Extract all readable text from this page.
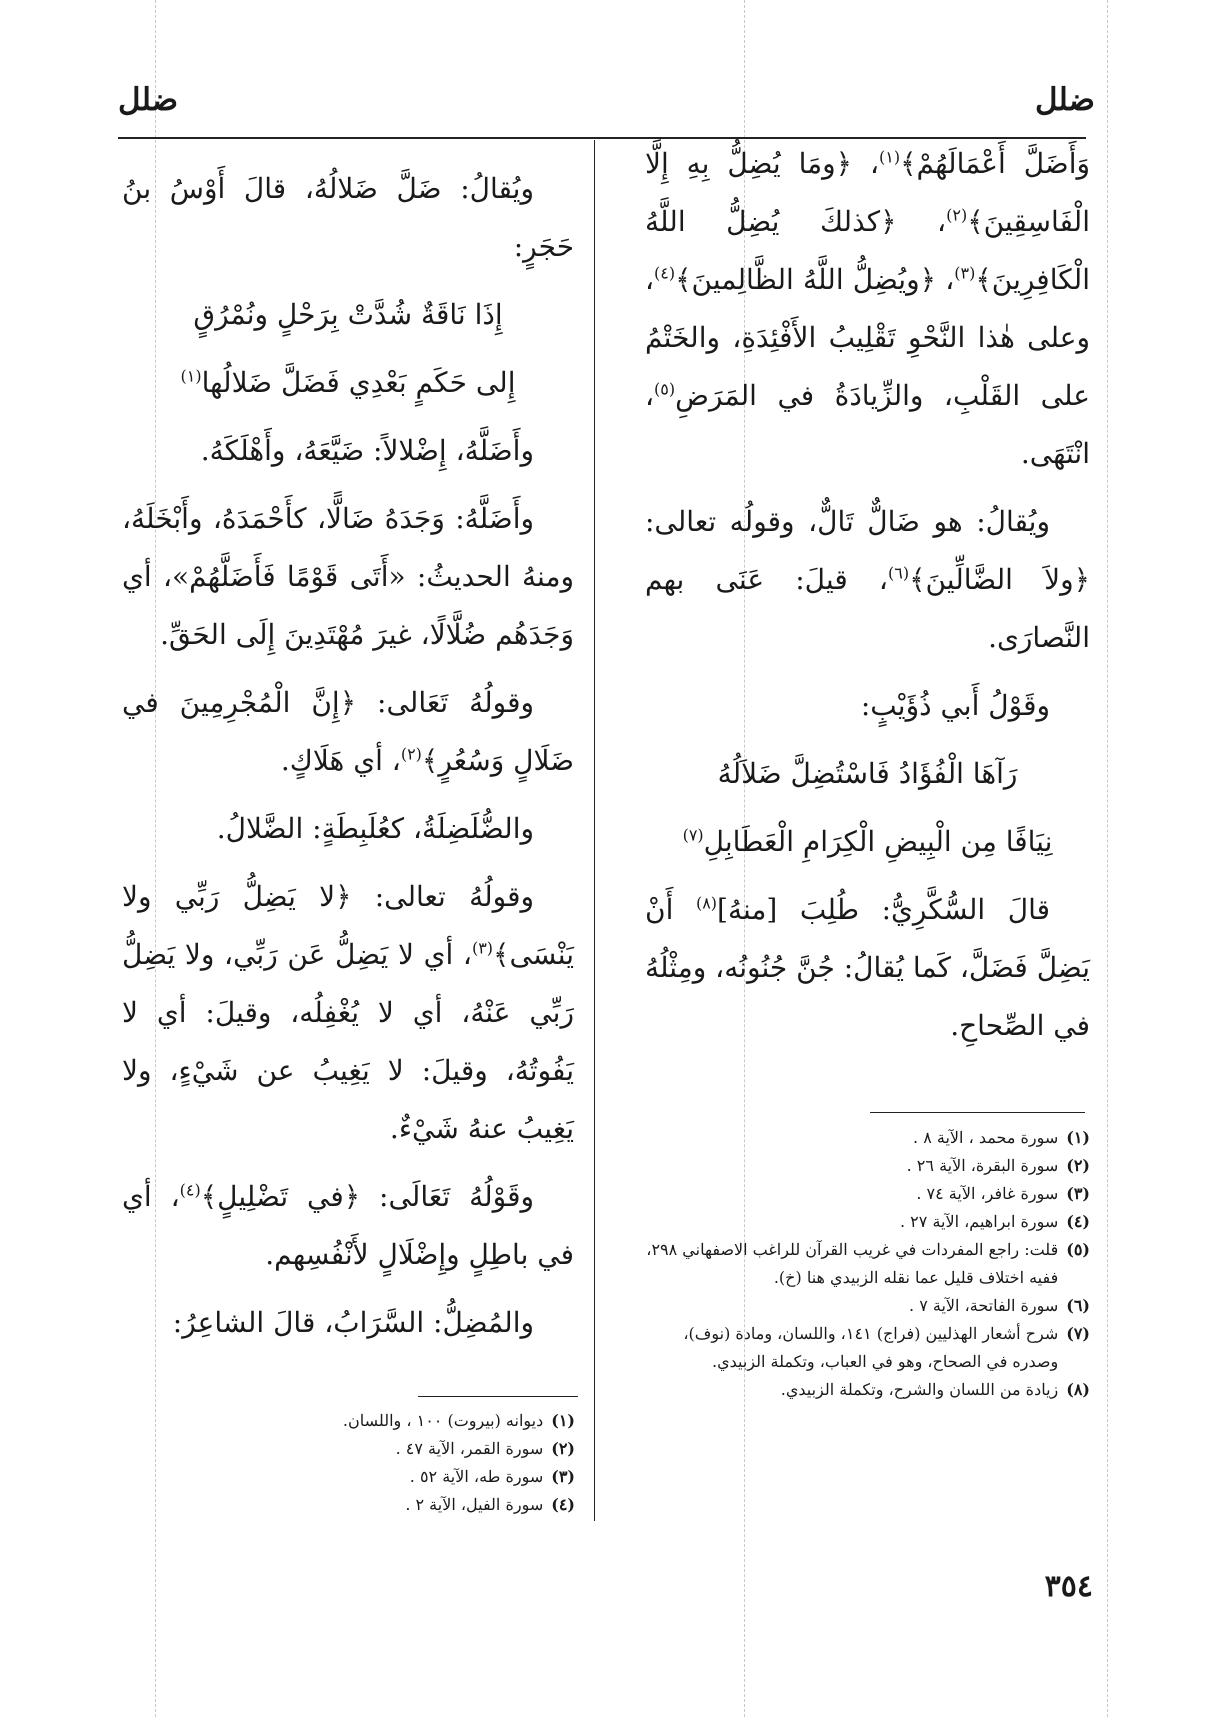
ضلل
ضلل

وَأَضَلَّ أَعْمَالَهُمْ﴾$^{(١)}$، ﴿ومَا يُضِلُّ بِهِ إِلَّا الْفَاسِقِينَ﴾$^{(٢)}$، ﴿كذلكَ يُضِلُّ اللَّهُ الْكَافِرِينَ﴾$^{(٣)}$، ﴿ويُضِلُّ اللَّهُ الظَّالِمينَ﴾$^{(٤)}$، وعلى هٰذا النَّحْوِ تَقْلِيبُ الأَفْئِدَةِ، والخَتْمُ على القَلْبِ، والزِّيادَةُ في المَرَضِ$^{(٥)}$، انْتَهَى.

ويُقالُ: هو ضَالٌّ تَالٌّ، وقولُه تعالى: ﴿ولاَ الضَّالِّينَ﴾$^{(٦)}$، قيلَ: عَنَى بهم النَّصارَى.

وقَوْلُ أَبي ذُؤَيْبٍ:

رَآهَا الْفُؤَادُ فَاسْتُضِلَّ ضَلاَلُهُ

نِيَافًا مِن الْبِيضِ الْكِرَامِ الْعَطَابِلِ$^{(٧)}$

قالَ السُّكَّرِيُّ: طُلِبَ [منهُ]$^{(٨)}$ أَنْ يَضِلَّ فَضَلَّ، كَما يُقالُ: جُنَّ جُنُونُه، ومِثْلُهُ في الصِّحاحِ.

(١)
سورة محمد ، الآية ٨ .
(٢)
سورة البقرة، الآية ٢٦ .
(٣)
سورة غافر، الآية ٧٤ .
(٤)
سورة ابراهيم، الآية ٢٧ .
(٥)
قلت: راجع المفردات في غريب القرآن للراغب الاصفهاني ٢٩٨، ففيه اختلاف قليل عما نقله الزبيدي هنا (خ).
(٦)
سورة الفاتحة، الآية ٧ .
(٧)
شرح أشعار الهذليين (فراج) ١٤١، واللسان، ومادة (نوف)، وصدره في الصحاح، وهو في العباب، وتكملة الزبيدي.
(٨)
زيادة من اللسان والشرح، وتكملة الزبيدي.

ويُقالُ: ضَلَّ ضَلالُهُ، قالَ أَوْسُ بنُ حَجَرٍ:

إِذَا نَاقَةٌ شُدَّتْ بِرَحْلٍ ونُمْرُقٍ

إِلى حَكَمٍ بَعْدِي فَضَلَّ ضَلالُها$^{(١)}$

وأَضَلَّهُ، إِضْلالاً: ضَيَّعَهُ، وأَهْلَكَهُ.

وأَضَلَّهُ: وَجَدَهُ ضَالًّا، كأَحْمَدَهُ، وأَبْخَلَهُ، ومنهُ الحديثُ: «أَتَى قَوْمًا فَأَضَلَّهُمْ»، أي وَجَدَهُم ضُلَّالًا، غيرَ مُهْتَدِينَ إِلَى الحَقِّ.

وقولُهُ تَعَالى: ﴿إِنَّ الْمُجْرِمِينَ في ضَلَالٍ وَسُعُرٍ﴾$^{(٢)}$، أي هَلَاكٍ.

والضُّلَضِلَةُ، كعُلَبِطَةٍ: الضَّلالُ.

وقولُهُ تعالى: ﴿لا يَضِلُّ رَبِّي ولا يَنْسَى﴾$^{(٣)}$، أي لا يَضِلُّ عَن رَبِّي، ولا يَضِلُّ رَبِّي عَنْهُ، أي لا يُغْفِلُه، وقيلَ: أي لا يَفُوتُهُ، وقيلَ: لا يَغِيبُ عن شَيْءٍ، ولا يَغِيبُ عنهُ شَيْءٌ.

وقَوْلُهُ تَعَالَى: ﴿في تَضْلِيلٍ﴾$^{(٤)}$، أي في باطِلٍ وإِضْلَالٍ لأَنْفُسِهم.

والمُضِلُّ: السَّرَابُ، قالَ الشاعِرُ:

(١)
ديوانه (بيروت) ١٠٠ ، واللسان.
(٢)
سورة القمر، الآية ٤٧ .
(٣)
سورة طه، الآية ٥٢ .
(٤)
سورة الفيل، الآية ٢ .
٣٥٤
